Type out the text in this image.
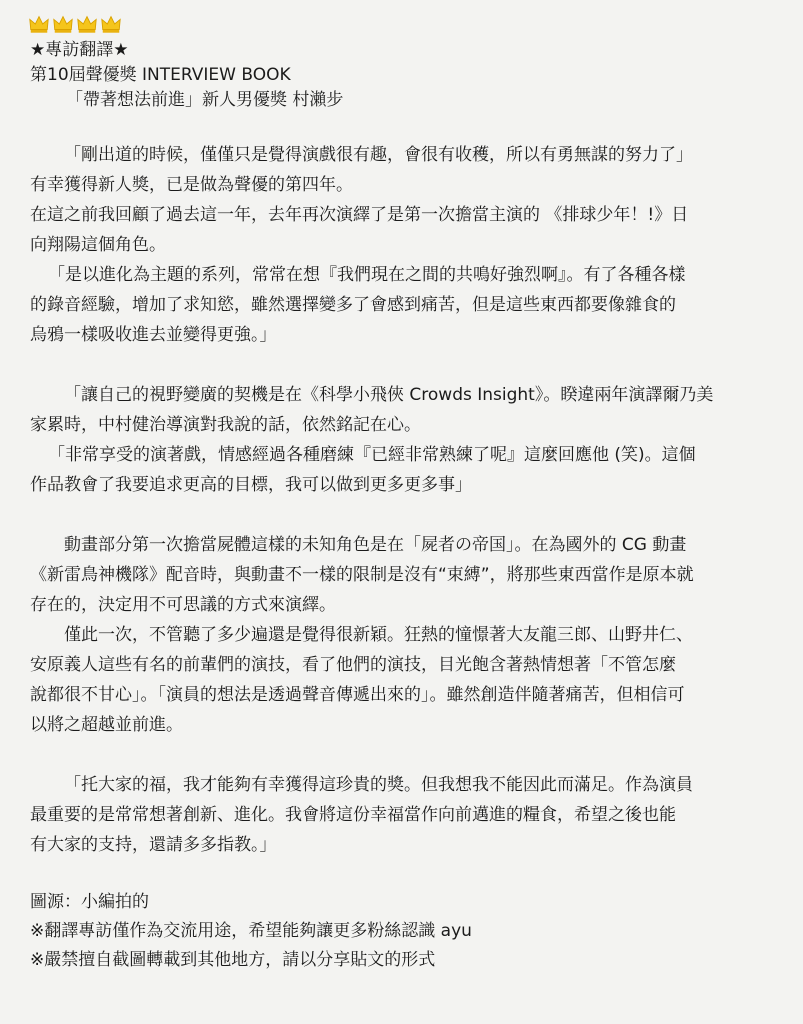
★專訪翻譯★
第10屆聲優獎 INTERVIEW BOOK
「帶著想法前進」新人男優獎 村瀨步
「剛出道的時候，僅僅只是覺得演戲很有趣，會很有收穫，所以有勇無謀的努力了」
有幸獲得新人獎，已是做為聲優的第四年。
在這之前我回顧了過去這一年，去年再次演繹了是第一次擔當主演的 《排球少年！!》日
向翔陽這個角色。
「是以進化為主題的系列，常常在想『我們現在之間的共鳴好強烈啊』。有了各種各樣
的錄音經驗，增加了求知慾，雖然選擇變多了會感到痛苦，但是這些東西都要像雜食的
烏鴉一樣吸收進去並變得更強。」
「讓自己的視野變廣的契機是在《科學小飛俠 Crowds Insight》。睽違兩年演譯爾乃美
家累時，中村健治導演對我說的話，依然銘記在心。
「非常享受的演著戲，情感經過各種磨練『已經非常熟練了呢』這麼回應他 (笑)。這個
作品教會了我要追求更高的目標，我可以做到更多更多事」
動畫部分第一次擔當屍體這樣的未知角色是在「屍者の帝国」。在為國外的 CG 動畫
《新雷鳥神機隊》配音時，與動畫不一樣的限制是沒有“束縛”，將那些東西當作是原本就
存在的，決定用不可思議的方式來演繹。
僅此一次，不管聽了多少遍還是覺得很新穎。狂熱的憧憬著大友龍三郎、山野井仁、
安原義人這些有名的前輩們的演技，看了他們的演技，目光飽含著熱情想著「不管怎麼
說都很不甘心」。「演員的想法是透過聲音傳遞出來的」。雖然創造伴隨著痛苦，但相信可
以將之超越並前進。
「托大家的福，我才能夠有幸獲得這珍貴的獎。但我想我不能因此而滿足。作為演員
最重要的是常常想著創新、進化。我會將這份幸福當作向前邁進的糧食，希望之後也能
有大家的支持，還請多多指教。」
圖源：小編拍的
※翻譯專訪僅作為交流用途，希望能夠讓更多粉絲認識 ayu
※嚴禁擅自截圖轉載到其他地方，請以分享貼文的形式
